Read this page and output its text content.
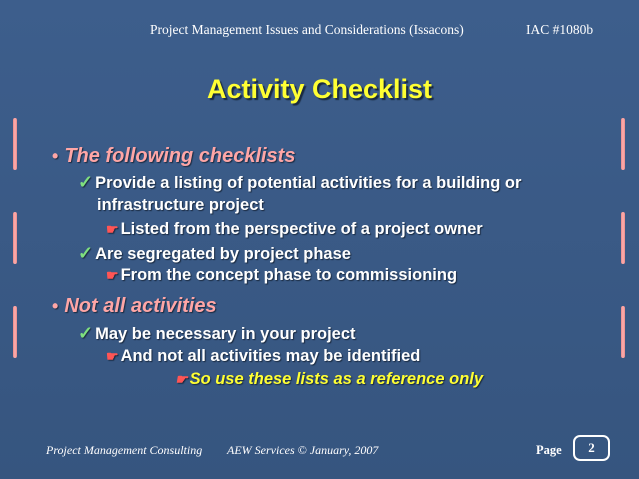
Project Management Issues and Considerations (Issacons)	IAC #1080b
Activity Checklist
• The following checklists
✓ Provide a listing of potential activities for a building or
infrastructure project
☛ Listed from the perspective of a project owner
✓ Are segregated by project phase
☛ From the concept phase to commissioning
• Not all activities
✓ May be necessary in your project
☛ And not all activities may be identified
☛ So use these lists as a reference only
Project Management Consulting AEW Services © January, 2007	Page	2
